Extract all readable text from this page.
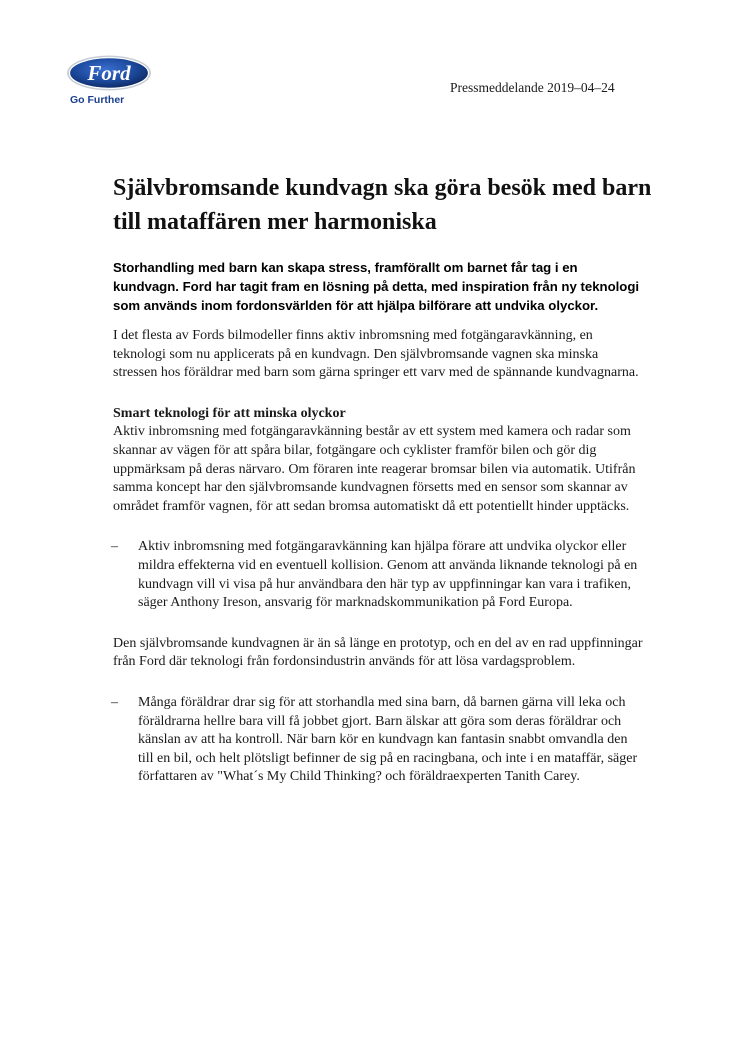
Ford
Go Further
Pressmeddelande 2019–04–24
Självbromsande kundvagn ska göra besök med barn till mataffären mer harmoniska
Storhandling med barn kan skapa stress, framförallt om barnet får tag i en kundvagn. Ford har tagit fram en lösning på detta, med inspiration från ny teknologi som används inom fordonsvärlden för att hjälpa bilförare att undvika olyckor.

I det flesta av Fords bilmodeller finns aktiv inbromsning med fotgängaravkänning, en teknologi som nu applicerats på en kundvagn. Den självbromsande vagnen ska minska stressen hos föräldrar med barn som gärna springer ett varv med de spännande kundvagnarna.

Smart teknologi för att minska olyckor

Aktiv inbromsning med fotgängaravkänning består av ett system med kamera och radar som skannar av vägen för att spåra bilar, fotgängare och cyklister framför bilen och gör dig uppmärksam på deras närvaro. Om föraren inte reagerar bromsar bilen via automatik. Utifrån samma koncept har den självbromsande kundvagnen försetts med en sensor som skannar av området framför vagnen, för att sedan bromsa automatiskt då ett potentiellt hinder upptäcks.

–	Aktiv inbromsning med fotgängaravkänning kan hjälpa förare att undvika olyckor eller mildra effekterna vid en eventuell kollision. Genom att använda liknande teknologi på en kundvagn vill vi visa på hur användbara den här typ av uppfinningar kan vara i trafiken, säger Anthony Ireson, ansvarig för marknadskommunikation på Ford Europa.

Den självbromsande kundvagnen är än så länge en prototyp, och en del av en rad uppfinningar från Ford där teknologi från fordonsindustrin används för att lösa vardagsproblem.

–	Många föräldrar drar sig för att storhandla med sina barn, då barnen gärna vill leka och föräldrarna hellre bara vill få jobbet gjort. Barn älskar att göra som deras föräldrar och känslan av att ha kontroll. När barn kör en kundvagn kan fantasin snabbt omvandla den till en bil, och helt plötsligt befinner de sig på en racingbana, och inte i en mataffär, säger författaren av "What´s My Child Thinking? och föräldraexperten Tanith Carey.
